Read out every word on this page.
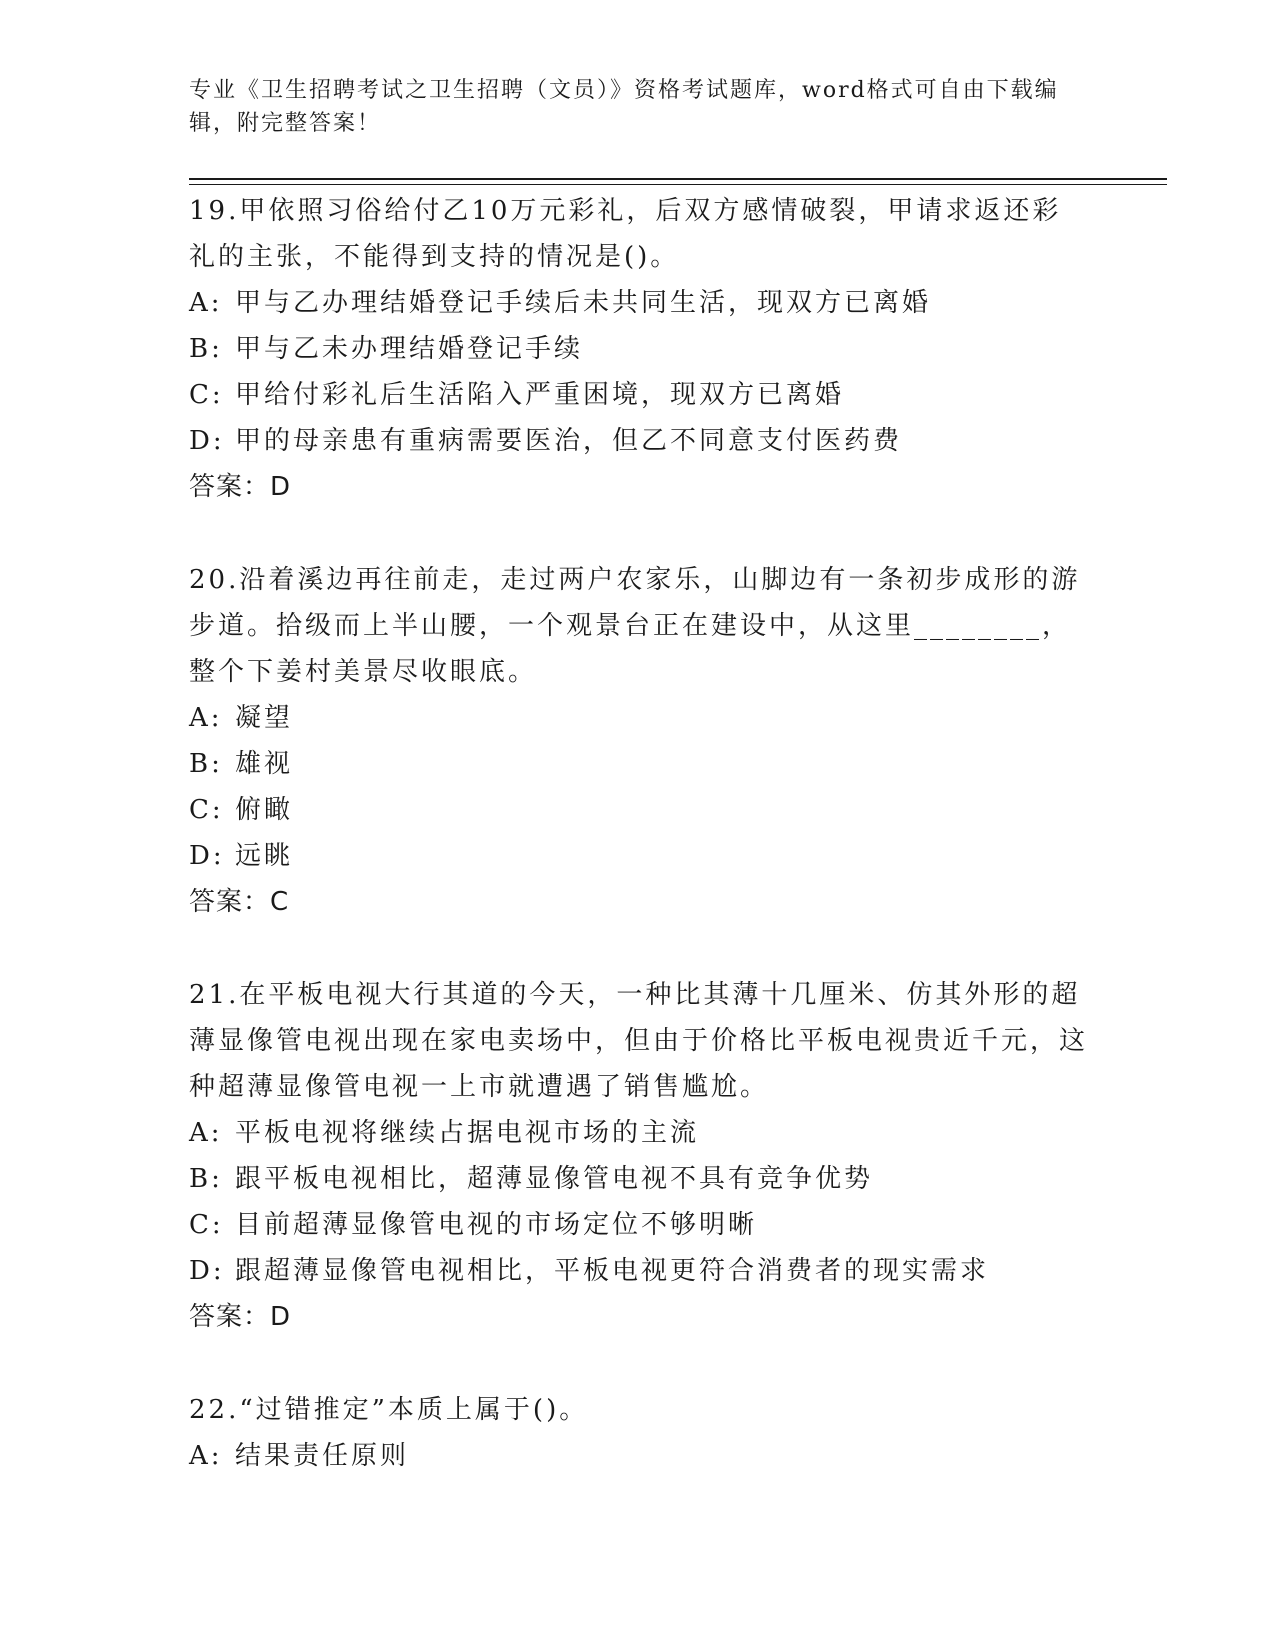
专业《卫生招聘考试之卫生招聘（文员）》资格考试题库，word格式可自由下载编辑，附完整答案！

19.甲依照习俗给付乙10万元彩礼，后双方感情破裂，甲请求返还彩礼的主张，不能得到支持的情况是()。

A: 甲与乙办理结婚登记手续后未共同生活，现双方已离婚

B: 甲与乙未办理结婚登记手续

C: 甲给付彩礼后生活陷入严重困境，现双方已离婚

D: 甲的母亲患有重病需要医治，但乙不同意支付医药费

答案：D

20.沿着溪边再往前走，走过两户农家乐，山脚边有一条初步成形的游步道。拾级而上半山腰，一个观景台正在建设中，从这里________，整个下姜村美景尽收眼底。

A: 凝望

B: 雄视

C: 俯瞰

D: 远眺

答案：C

21.在平板电视大行其道的今天，一种比其薄十几厘米、仿其外形的超薄显像管电视出现在家电卖场中，但由于价格比平板电视贵近千元，这种超薄显像管电视一上市就遭遇了销售尴尬。

A: 平板电视将继续占据电视市场的主流

B: 跟平板电视相比，超薄显像管电视不具有竞争优势

C: 目前超薄显像管电视的市场定位不够明晰

D: 跟超薄显像管电视相比，平板电视更符合消费者的现实需求

答案：D

22.“过错推定”本质上属于()。

A: 结果责任原则
